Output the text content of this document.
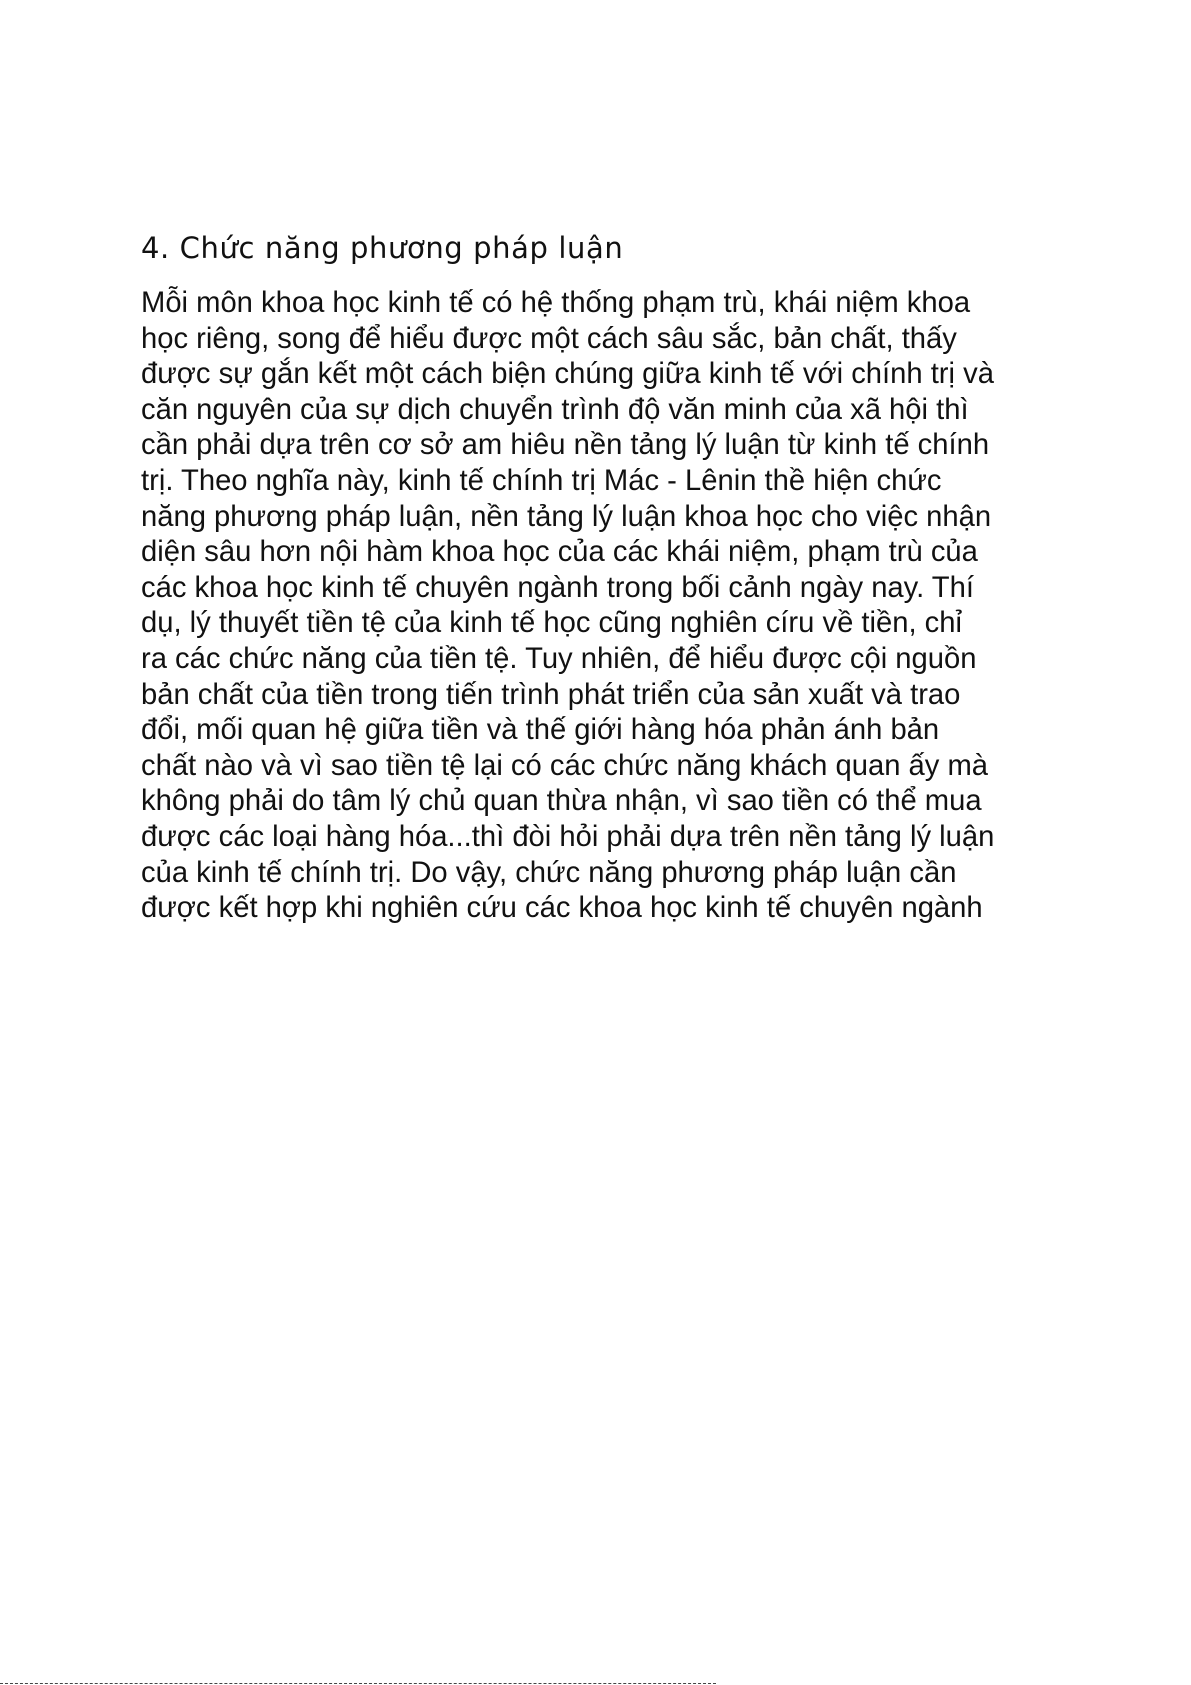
4. Chức năng phương pháp luận
Mỗi môn khoa học kinh tế có hệ thống phạm trù, khái niệm khoa
học riêng, song để hiểu được một cách sâu sắc, bản chất, thấy
được sự gắn kết một cách biện chúng giữa kinh tế với chính trị và
căn nguyên của sự dịch chuyển trình độ văn minh của xã hội thì
cần phải dựa trên cơ sở am hiêu nền tảng lý luận từ kinh tế chính
trị. Theo nghĩa này, kinh tế chính trị Mác - Lênin thề hiện chức
năng phương pháp luận, nền tảng lý luận khoa học cho việc nhận
diện sâu hơn nội hàm khoa học của các khái niệm, phạm trù của
các khoa học kinh tế chuyên ngành trong bối cảnh ngày nay. Thí
dụ, lý thuyết tiền tệ của kinh tế học cũng nghiên círu về tiền, chỉ
ra các chức năng của tiền tệ. Tuy nhiên, để hiểu được cội nguồn
bản chất của tiền trong tiến trình phát triển của sản xuất và trao
đổi, mối quan hệ giữa tiền và thế giới hàng hóa phản ánh bản
chất nào và vì sao tiền tệ lại có các chức năng khách quan ấy mà
không phải do tâm lý chủ quan thừa nhận, vì sao tiền có thể mua
được các loại hàng hóa...thì đòi hỏi phải dựa trên nền tảng lý luận
của kinh tế chính trị. Do vậy, chức năng phương pháp luận cần
được kết hợp khi nghiên cứu các khoa học kinh tế chuyên ngành
